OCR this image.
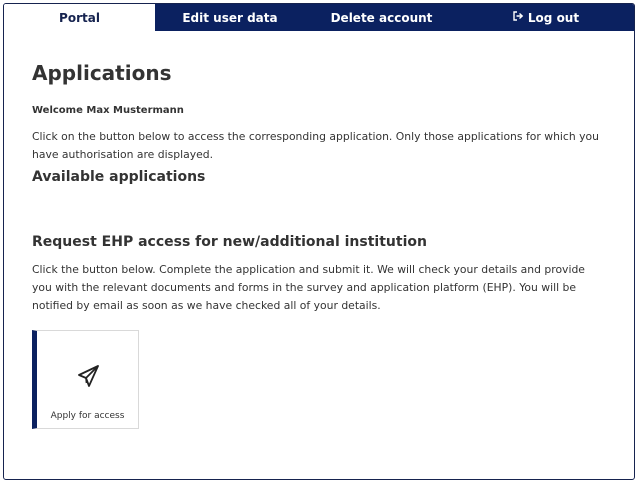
Portal	Edit user data	Delete account	Log out
Applications
Welcome Max Mustermann

Click on the button below to access the corresponding application. Only those applications for which you have authorisation are displayed.

Available applications
Request EHP access for new/additional institution

Click the button below. Complete the application and submit it. We will check your details and provide you with the relevant documents and forms in the survey and application platform (EHP). You will be notified by email as soon as we have checked all of your details.

Apply for access
